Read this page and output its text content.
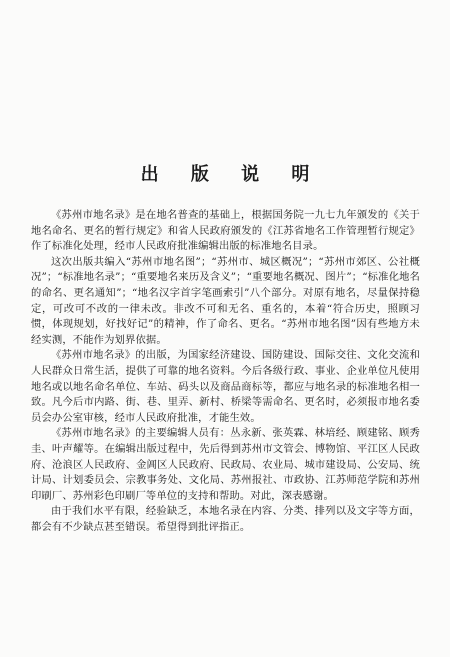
出 版 说 明

《苏州市地名录》是在地名普查的基础上，根据国务院一九七九年颁发的《关于地名命名、更名的暂行规定》和省人民政府颁发的《江苏省地名工作管理暂行规定》作了标准化处理，经市人民政府批准编辑出版的标准地名目录。

这次出版共编入“苏州市地名图”；“苏州市、城区概况”；“苏州市郊区、公社概况”；“标准地名录”；“重要地名来历及含义”；“重要地名概况、图片”；“标准化地名的命名、更名通知”；“地名汉字首字笔画索引”八个部分。对原有地名，尽量保持稳定，可改可不改的一律未改。非改不可和无名、重名的，本着“符合历史，照顾习惯，体现规划，好找好记”的精神，作了命名、更名。“苏州市地名图”因有些地方未经实测，不能作为划界依据。

《苏州市地名录》的出版，为国家经济建设、国防建设、国际交往、文化交流和人民群众日常生活，提供了可靠的地名资料。今后各级行政、事业、企业单位凡使用地名或以地名命名单位、车站、码头以及商品商标等，都应与地名录的标准地名相一致。凡今后市内路、街、巷、里弄、新村、桥梁等需命名、更名时，必须报市地名委员会办公室审核，经市人民政府批准，才能生效。

《苏州市地名录》的主要编辑人员有：丛永新、张英霖、林培经、顾建铭、顾秀圭、叶声耀等。在编辑出版过程中，先后得到苏州市文管会、博物馆、平江区人民政府、沧浪区人民政府、金阊区人民政府、民政局、农业局、城市建设局、公安局、统计局、计划委员会、宗教事务处、文化局、苏州报社、市政协、江苏师范学院和苏州印刷厂、苏州彩色印刷厂等单位的支持和帮助。对此，深表感谢。

由于我们水平有限，经验缺乏，本地名录在内容、分类、排列以及文字等方面，都会有不少缺点甚至错误。希望得到批评指正。
